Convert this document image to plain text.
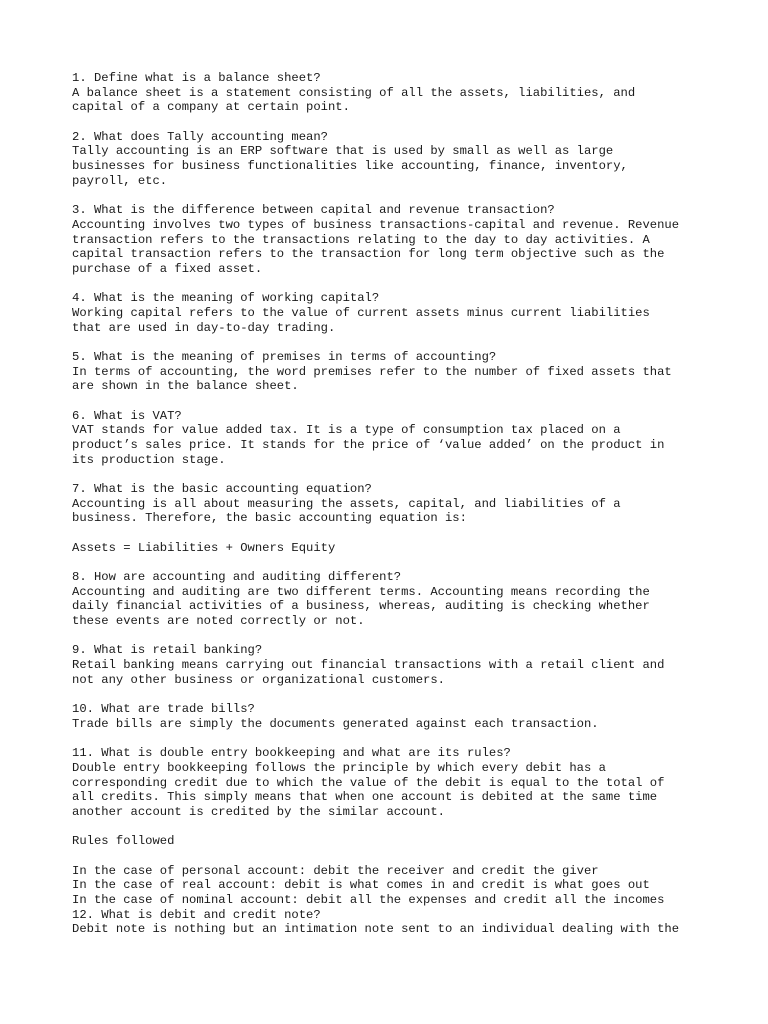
1. Define what is a balance sheet?

A balance sheet is a statement consisting of all the assets, liabilities, and

capital of a company at certain point.

2. What does Tally accounting mean?

Tally accounting is an ERP software that is used by small as well as large

businesses for business functionalities like accounting, finance, inventory,

payroll, etc.

3. What is the difference between capital and revenue transaction?

Accounting involves two types of business transactions-capital and revenue. Revenue

transaction refers to the transactions relating to the day to day activities. A

capital transaction refers to the transaction for long term objective such as the

purchase of a fixed asset.

4. What is the meaning of working capital?

Working capital refers to the value of current assets minus current liabilities

that are used in day-to-day trading.

5. What is the meaning of premises in terms of accounting?

In terms of accounting, the word premises refer to the number of fixed assets that

are shown in the balance sheet.

6. What is VAT?

VAT stands for value added tax. It is a type of consumption tax placed on a

product’s sales price. It stands for the price of ‘value added’ on the product in

its production stage.

7. What is the basic accounting equation?

Accounting is all about measuring the assets, capital, and liabilities of a

business. Therefore, the basic accounting equation is:

Assets = Liabilities + Owners Equity

8. How are accounting and auditing different?

Accounting and auditing are two different terms. Accounting means recording the

daily financial activities of a business, whereas, auditing is checking whether

these events are noted correctly or not.

9. What is retail banking?

Retail banking means carrying out financial transactions with a retail client and

not any other business or organizational customers.

10. What are trade bills?

Trade bills are simply the documents generated against each transaction.

11. What is double entry bookkeeping and what are its rules?

Double entry bookkeeping follows the principle by which every debit has a

corresponding credit due to which the value of the debit is equal to the total of

all credits. This simply means that when one account is debited at the same time

another account is credited by the similar account.

Rules followed

In the case of personal account: debit the receiver and credit the giver

In the case of real account: debit is what comes in and credit is what goes out

In the case of nominal account: debit all the expenses and credit all the incomes

12. What is debit and credit note?

Debit note is nothing but an intimation note sent to an individual dealing with the
